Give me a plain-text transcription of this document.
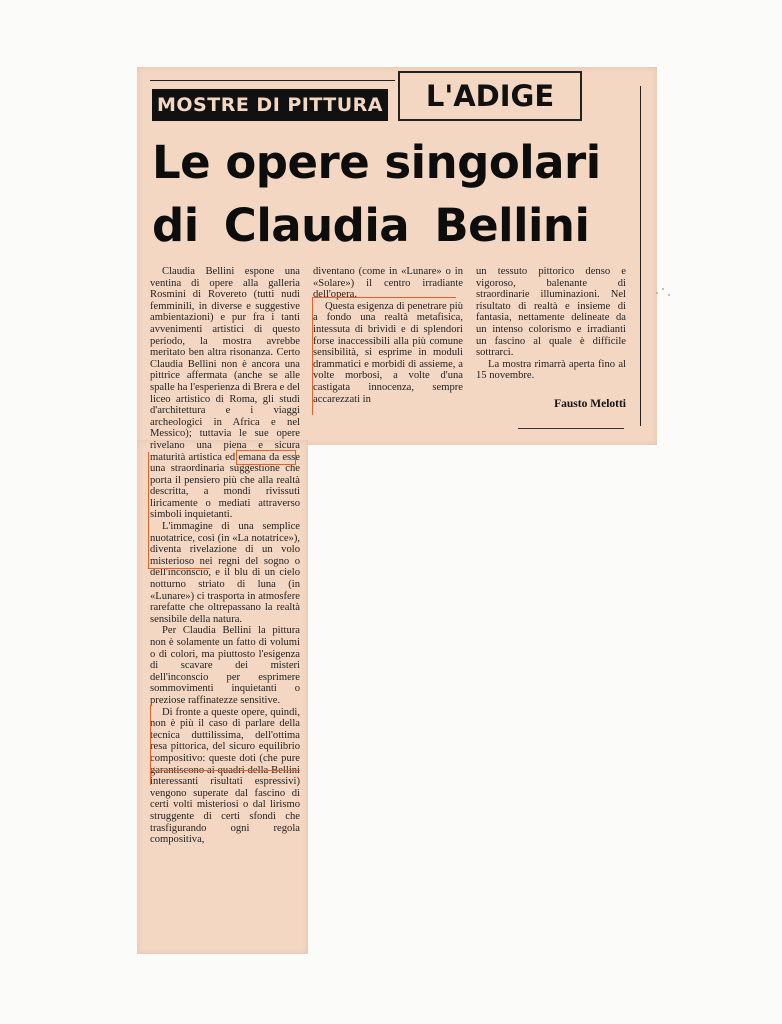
MOSTRE DI PITTURA	L'ADIGE
Le opere singolari
di Claudia Bellini

Claudia Bellini espone una ventina di opere alla galleria Rosmini di Rovereto (tutti nudi femminili, in diverse e suggestive ambientazioni) e pur fra i tanti avvenimenti artistici di questo periodo, la mostra avrebbe meritato ben altra risonanza. Certo Claudia Bellini non è ancora una pittrice affermata (anche se alle spalle ha l'esperienza di Brera e del liceo artistico di Roma, gli studi d'architettura e i viaggi archeologici in Africa e nel Messico); tuttavia le sue opere rivelano una piena e sicura maturità artistica ed emana da esse una straordinaria suggestione che porta il pensiero più che alla realtà descritta, a mondi rivissuti liricamente o mediati attraverso simboli inquietanti.

L'immagine di una semplice nuotatrice, così (in «La notatrice»), diventa rivelazione di un volo misterioso nei regni del sogno o dell'inconscio, e il blu di un cielo notturno striato di luna (in «Lunare») ci trasporta in atmosfere rarefatte che oltrepassano la realtà sensibile della natura.

Per Claudia Bellini la pittura non è solamente un fatto di volumi o di colori, ma piuttosto l'esigenza di scavare dei misteri dell'inconscio per esprimere sommovimenti inquietanti o preziose raffinatezze sensitive.

Di fronte a queste opere, quindi, non è più il caso di parlare della tecnica duttilissima, dell'ottima resa pittorica, del sicuro equilibrio compositivo: queste doti (che pure garantiscono ai quadri della Bellini interessanti risultati espressivi) vengono superate dal fascino di certi volti misteriosi o dal lirismo struggente di certi sfondi che trasfigurando ogni regola compositiva,

diventano (come in «Lunare» o in «Solare») il centro irradiante dell'opera.

Questa esigenza di penetrare più a fondo una realtà metafisica, intessuta di brividi e di splendori forse inaccessibili alla più comune sensibilità, si esprime in moduli drammatici e morbidi di assieme, a volte morbosi, a volte d'una castigata innocenza, sempre accarezzati in

un tessuto pittorico denso e vigoroso, balenante di straordinarie illuminazioni. Nel risultato di realtà e insieme di fantasia, nettamente delineate da un intenso colorismo e irradianti un fascino al quale è difficile sottrarci.

La mostra rimarrà aperta fino al 15 novembre.

Fausto Melotti
